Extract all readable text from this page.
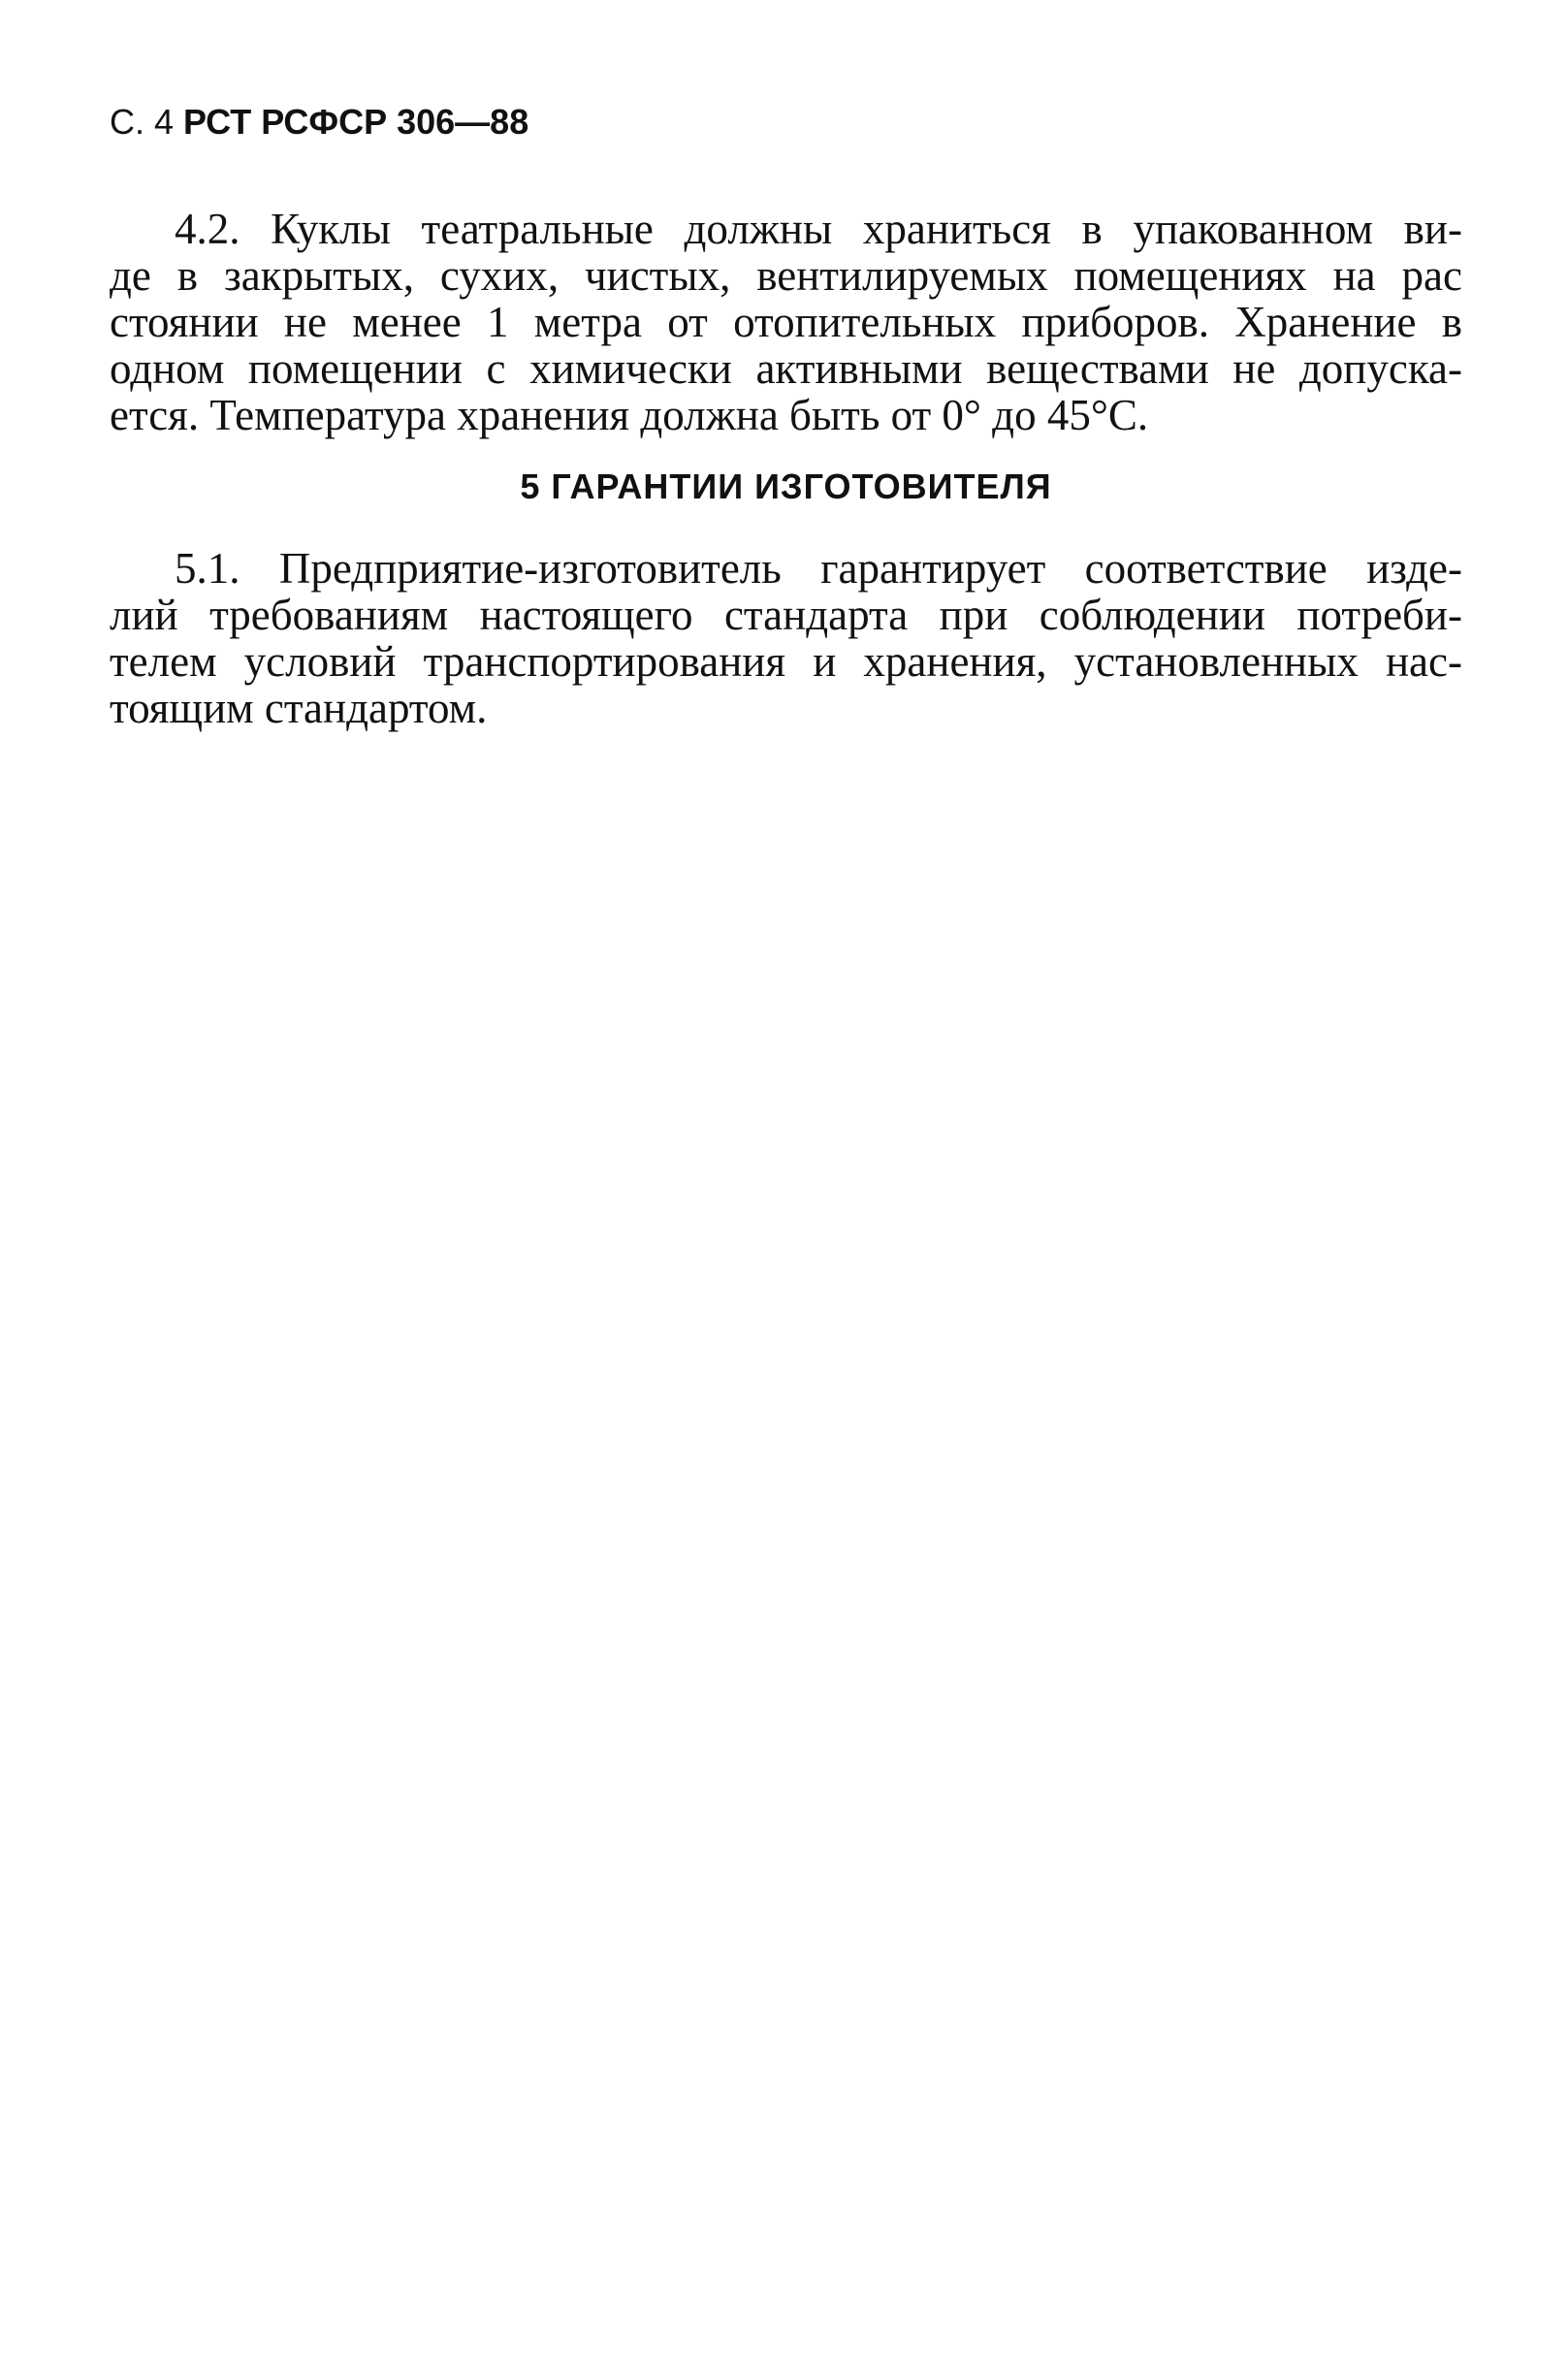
С. 4 РСТ РСФСР 306—88
4.2. Куклы театральные должны храниться в упакованном ви-
де в закрытых, сухих, чистых, вентилируемых помещениях на рас
стоянии не менее 1 метра от отопительных приборов. Хранение в
одном помещении с химически активными веществами не допуска-
ется. Температура хранения должна быть от 0° до 45°С.
5 ГАРАНТИИ ИЗГОТОВИТЕЛЯ
5.1. Предприятие-изготовитель гарантирует соответствие изде-
лий требованиям настоящего стандарта при соблюдении потреби-
телем условий транспортирования и хранения, установленных нас-
тоящим стандартом.
